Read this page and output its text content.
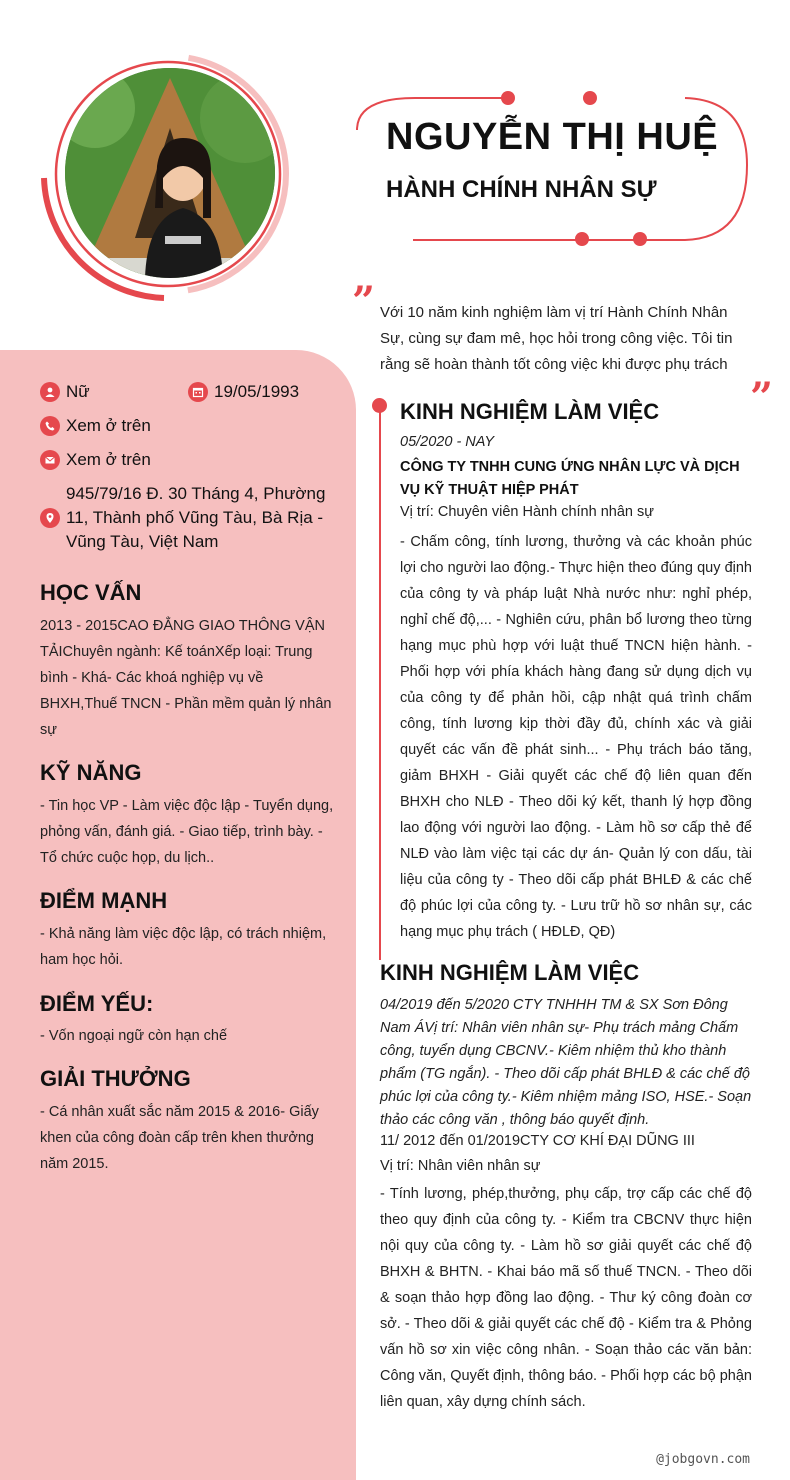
NGUYỄN THỊ HUỆ
HÀNH CHÍNH NHÂN SỰ
”
”
Với 10 năm kinh nghiệm làm vị trí Hành Chính Nhân Sự, cùng sự đam mê, học hỏi trong công việc. Tôi tin rằng sẽ hoàn thành tốt công việc khi được phụ trách
Nữ	19/05/1993
Xem ở trên
Xem ở trên
945/79/16 Đ. 30 Tháng 4, Phường 11, Thành phố Vũng Tàu, Bà Rịa - Vũng Tàu, Việt Nam
HỌC VẤN
2013 - 2015CAO ĐẲNG GIAO THÔNG VẬN TẢIChuyên ngành: Kế toánXếp loại: Trung bình - Khá- Các khoá nghiệp vụ về BHXH,Thuế TNCN - Phần mềm quản lý nhân sự
KỸ NĂNG
- Tin học VP - Làm việc độc lập - Tuyển dụng, phỏng vấn, đánh giá. - Giao tiếp, trình bày. - Tổ chức cuộc họp, du lịch..
ĐIỂM MẠNH
- Khả năng làm việc độc lập, có trách nhiệm, ham học hỏi.
ĐIỂM YẾU:
- Vốn ngoại ngữ còn hạn chế
GIẢI THƯỞNG
- Cá nhân xuất sắc năm 2015 & 2016- Giấy khen của công đoàn cấp trên khen thưởng năm 2015.
KINH NGHIỆM LÀM VIỆC
05/2020 - NAY
CÔNG TY TNHH CUNG ỨNG NHÂN LỰC VÀ DỊCH VỤ KỸ THUẬT HIỆP PHÁT
Vị trí: Chuyên viên Hành chính nhân sự
- Chấm công, tính lương, thưởng và các khoản phúc lợi cho người lao động.- Thực hiện theo đúng quy định của công ty và pháp luật Nhà nước như: nghỉ phép, nghỉ chế độ,... - Nghiên cứu, phân bổ lương theo từng hạng mục phù hợp với luật thuế TNCN hiện hành. - Phối hợp với phía khách hàng đang sử dụng dịch vụ của công ty để phản hồi, cập nhật quá trình chấm công, tính lương kịp thời đầy đủ, chính xác và giải quyết các vấn đề phát sinh... - Phụ trách báo tăng, giảm BHXH - Giải quyết các chế độ liên quan đến BHXH cho NLĐ - Theo dõi ký kết, thanh lý hợp đồng lao động với người lao động. - Làm hồ sơ cấp thẻ để NLĐ vào làm việc tại các dự án- Quản lý con dấu, tài liệu của công ty - Theo dõi cấp phát BHLĐ & các chế độ phúc lợi của công ty. - Lưu trữ hồ sơ nhân sự, các hạng mục phụ trách ( HĐLĐ, QĐ)
KINH NGHIỆM LÀM VIỆC
04/2019 đến 5/2020 CTY TNHHH TM & SX Sơn Đông Nam ÁVị trí: Nhân viên nhân sự- Phụ trách mảng Chấm công, tuyển dụng CBCNV.- Kiêm nhiệm thủ kho thành phẩm (TG ngắn). - Theo dõi cấp phát BHLĐ & các chế độ phúc lợi của công ty.- Kiêm nhiệm mảng ISO, HSE.- Soạn thảo các công văn , thông báo quyết định.
11/ 2012 đến 01/2019CTY CƠ KHÍ ĐẠI DŨNG III
Vị trí: Nhân viên nhân sự
- Tính lương, phép,thưởng, phụ cấp, trợ cấp các chế độ theo quy định của công ty. - Kiểm tra CBCNV thực hiện nội quy của công ty. - Làm hồ sơ giải quyết các chế độ BHXH & BHTN. - Khai báo mã số thuế TNCN. - Theo dõi & soạn thảo hợp đồng lao động. - Thư ký công đoàn cơ sở. - Theo dõi & giải quyết các chế độ - Kiểm tra & Phỏng vấn hồ sơ xin việc công nhân. - Soạn thảo các văn bản: Công văn, Quyết định, thông báo. - Phối hợp các bộ phận liên quan, xây dựng chính sách.
@jobgovn.com
